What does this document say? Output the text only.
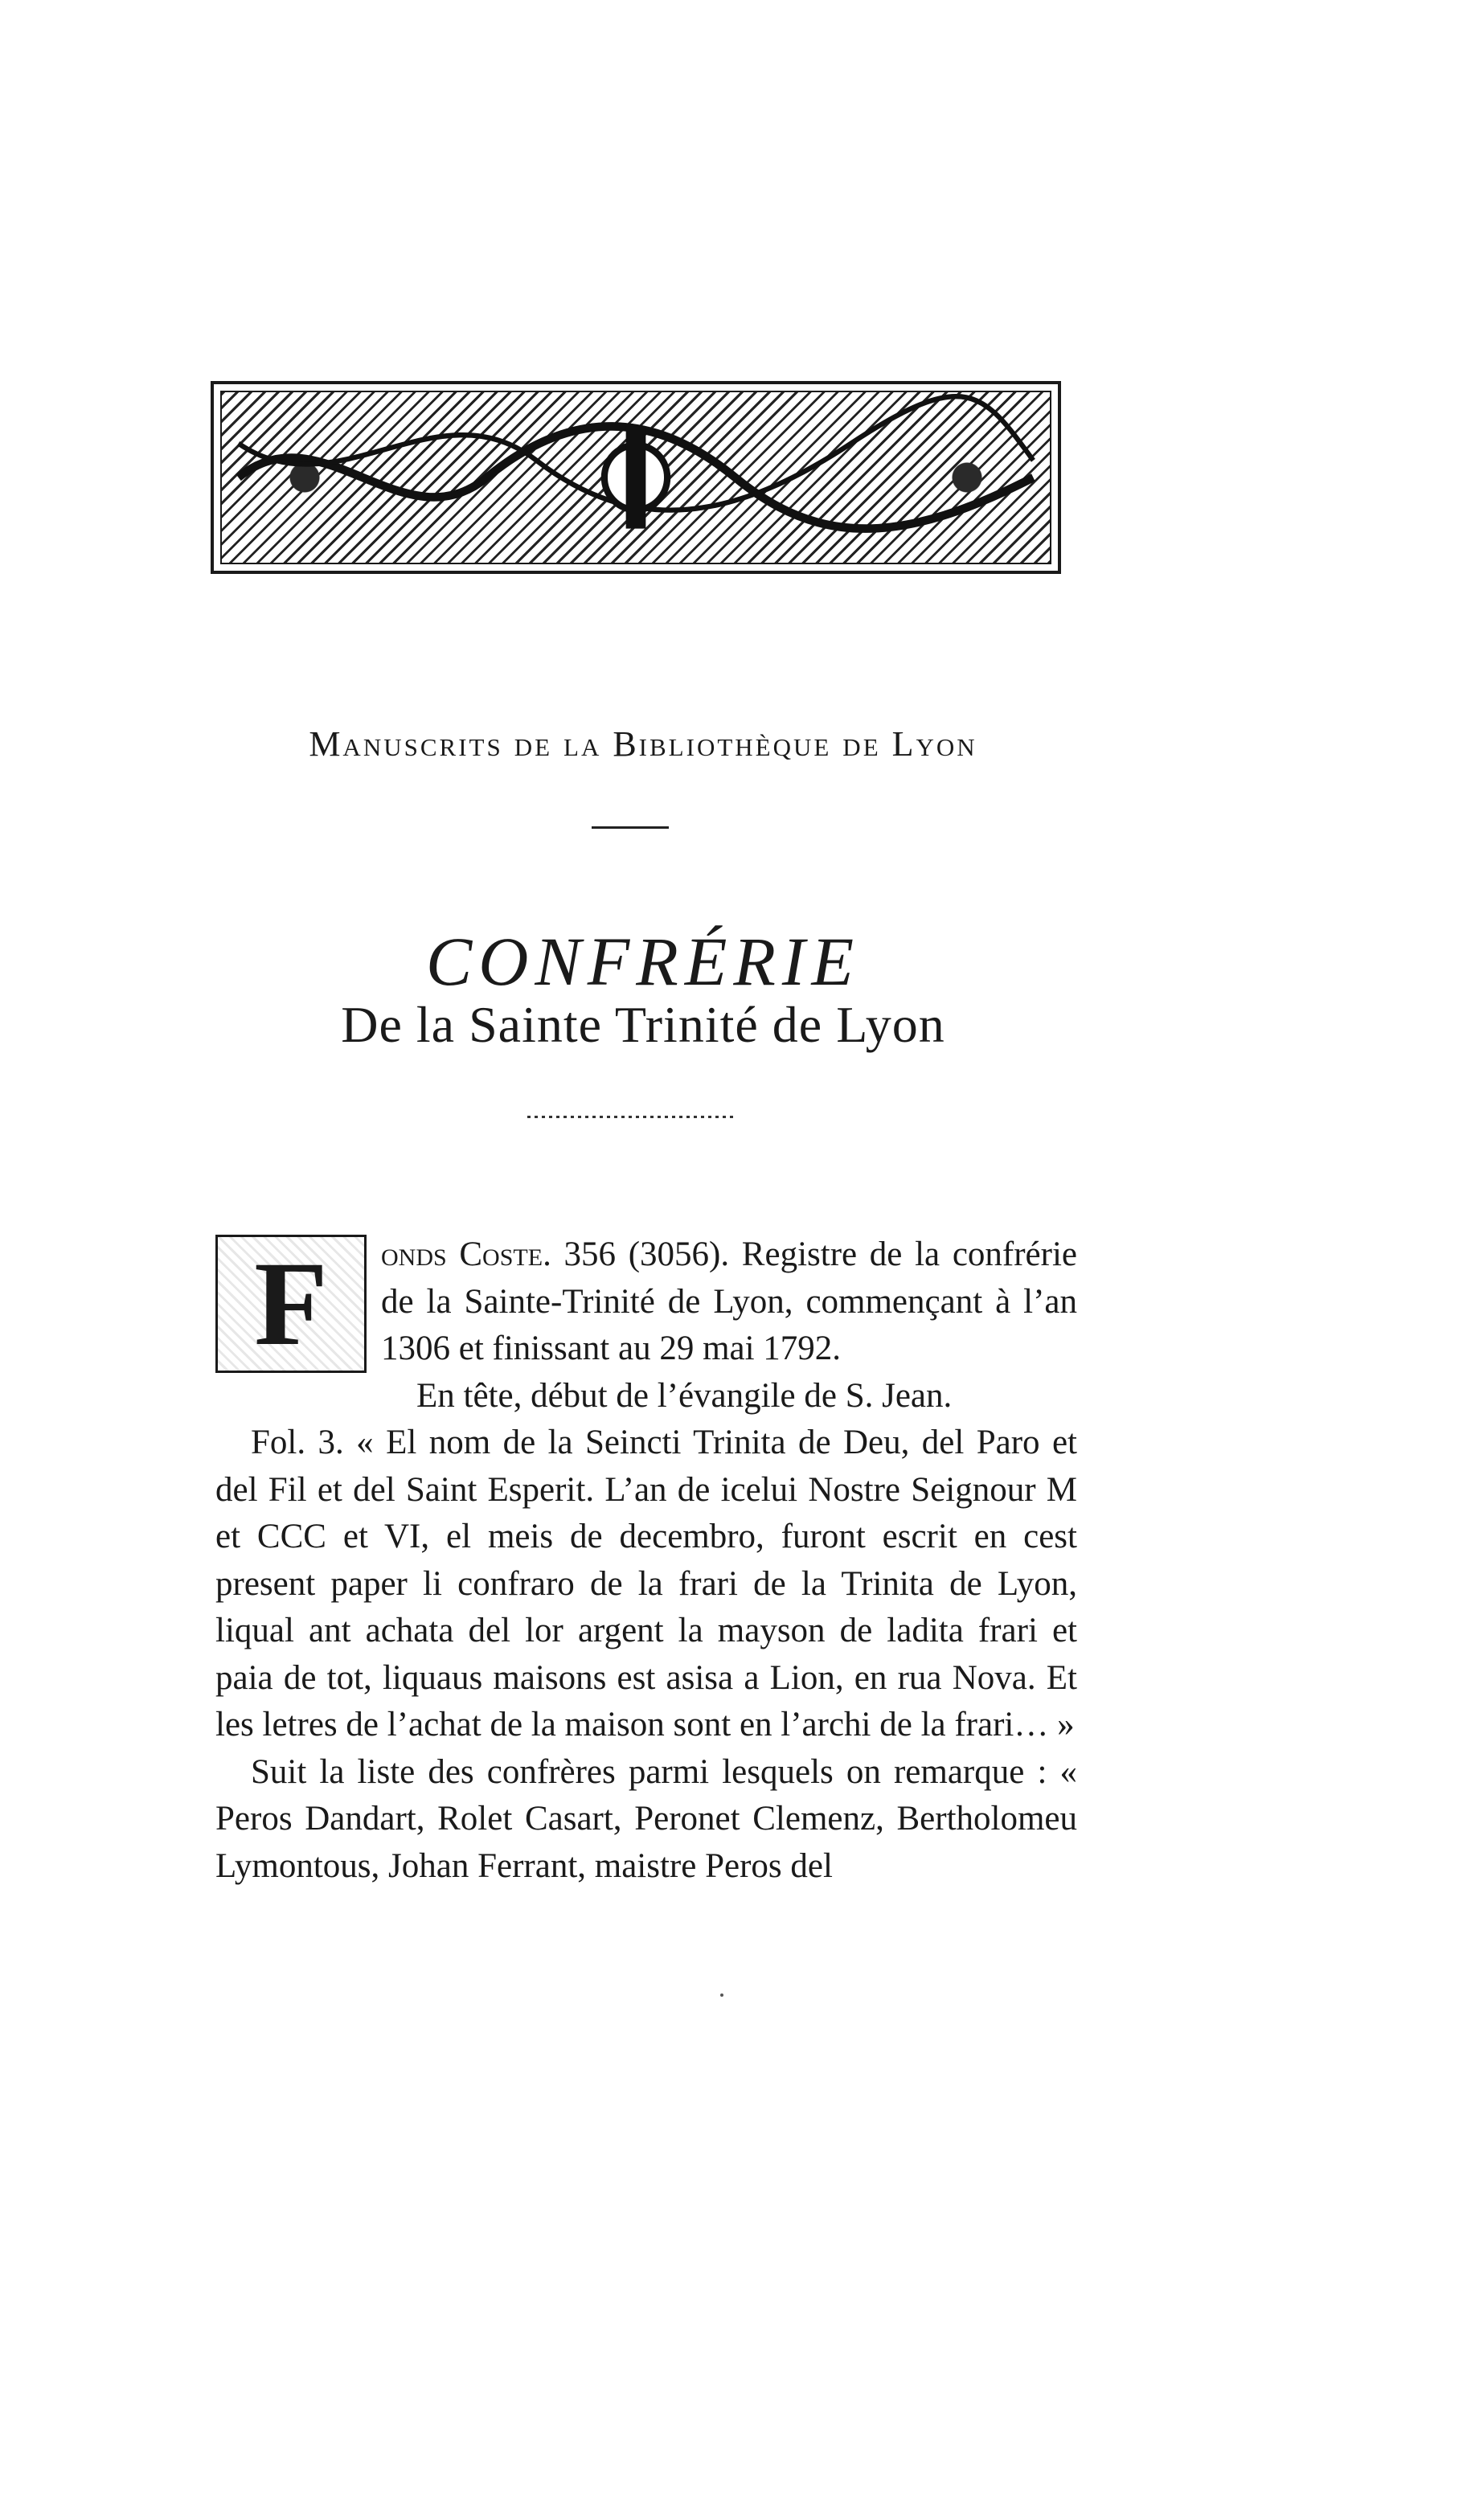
Manuscrits de la Bibliothèque de Lyon
CONFRÉRIE
De la Sainte Trinité de Lyon
F	onds Coste. 356 (3056). Registre de la confrérie de la Sainte-Trinité de Lyon, commençant à l’an 1306 et finissant au 29 mai 1792.

En tête, début de l’évangile de S. Jean.

Fol. 3. « El nom de la Seincti Trinita de Deu, del Paro et del Fil et del Saint Esperit. L’an de icelui Nostre Seignour M et CCC et VI, el meis de decembro, furont escrit en cest present paper li confraro de la frari de la Trinita de Lyon, liqual ant achata del lor argent la mayson de ladita frari et paia de tot, liquaus maisons est asisa a Lion, en rua Nova. Et les letres de l’achat de la maison sont en l’archi de la frari… »

Suit la liste des confrères parmi lesquels on remarque : « Peros Dandart, Rolet Casart, Peronet Clemenz, Bertholomeu Lymontous, Johan Ferrant, maistre Peros del
